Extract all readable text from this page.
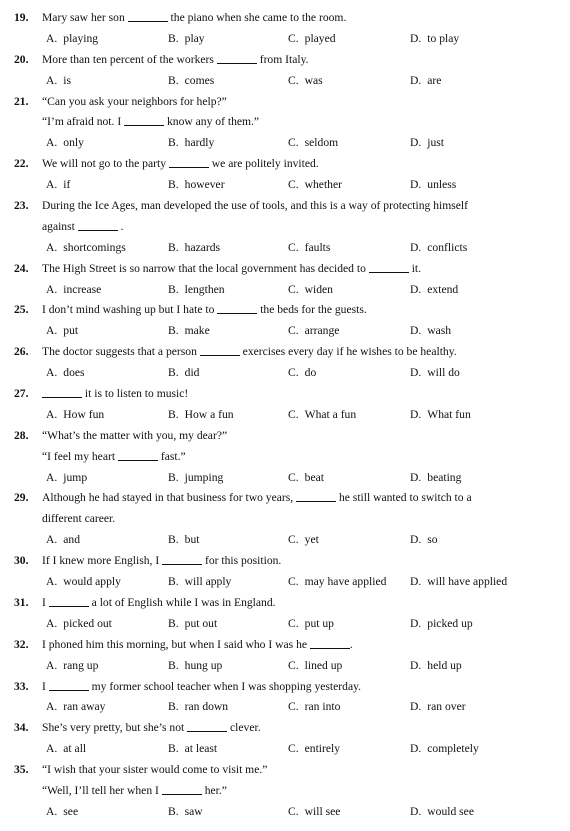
19. Mary saw her son	the piano when she came to the room.
A. playing	B. play	C. played	D. to play
20. More than ten percent of the workers	from Italy.
A. is	B. comes	C. was	D. are
21. “Can you ask your neighbors for help?”
“I’m afraid not. I	know any of them.”
A. only	B. hardly	C. seldom	D. just
22. We will not go to the party	we are politely invited.
A. if	B. however	C. whether	D. unless
23. During the Ice Ages, man developed the use of tools, and this is a way of protecting himself
against	.
A. shortcomings	B. hazards	C. faults	D. conflicts
24. The High Street is so narrow that the local government has decided to	it.
A. increase	B. lengthen	C. widen	D. extend
25. I don’t mind washing up but I hate to	the beds for the guests.
A. put	B. make	C. arrange	D. wash
26. The doctor suggests that a person	exercises every day if he wishes to be healthy.
A. does	B. did	C. do	D. will do
27.	it is to listen to music!
A. How fun	B. How a fun	C. What a fun	D. What fun
28. “What’s the matter with you, my dear?”
“I feel my heart	fast.”
A. jump	B. jumping	C. beat	D. beating
29. Although he had stayed in that business for two years,	he still wanted to switch to a
different career.
A. and	B. but	C. yet	D. so
30. If I knew more English, I	for this position.
A. would apply	B. will apply	C. may have applied	D. will have applied
31. I	a lot of English while I was in England.
A. picked out	B. put out	C. put up	D. picked up
32. I phoned him this morning, but when I said who I was he	.
A. rang up	B. hung up	C. lined up	D. held up
33. I	my former school teacher when I was shopping yesterday.
A. ran away	B. ran down	C. ran into	D. ran over
34. She’s very pretty, but she’s not	clever.
A. at all	B. at least	C. entirely	D. completely
35. “I wish that your sister would come to visit me.”
“Well, I’ll tell her when I	her.”
A. see	B. saw	C. will see	D. would see
